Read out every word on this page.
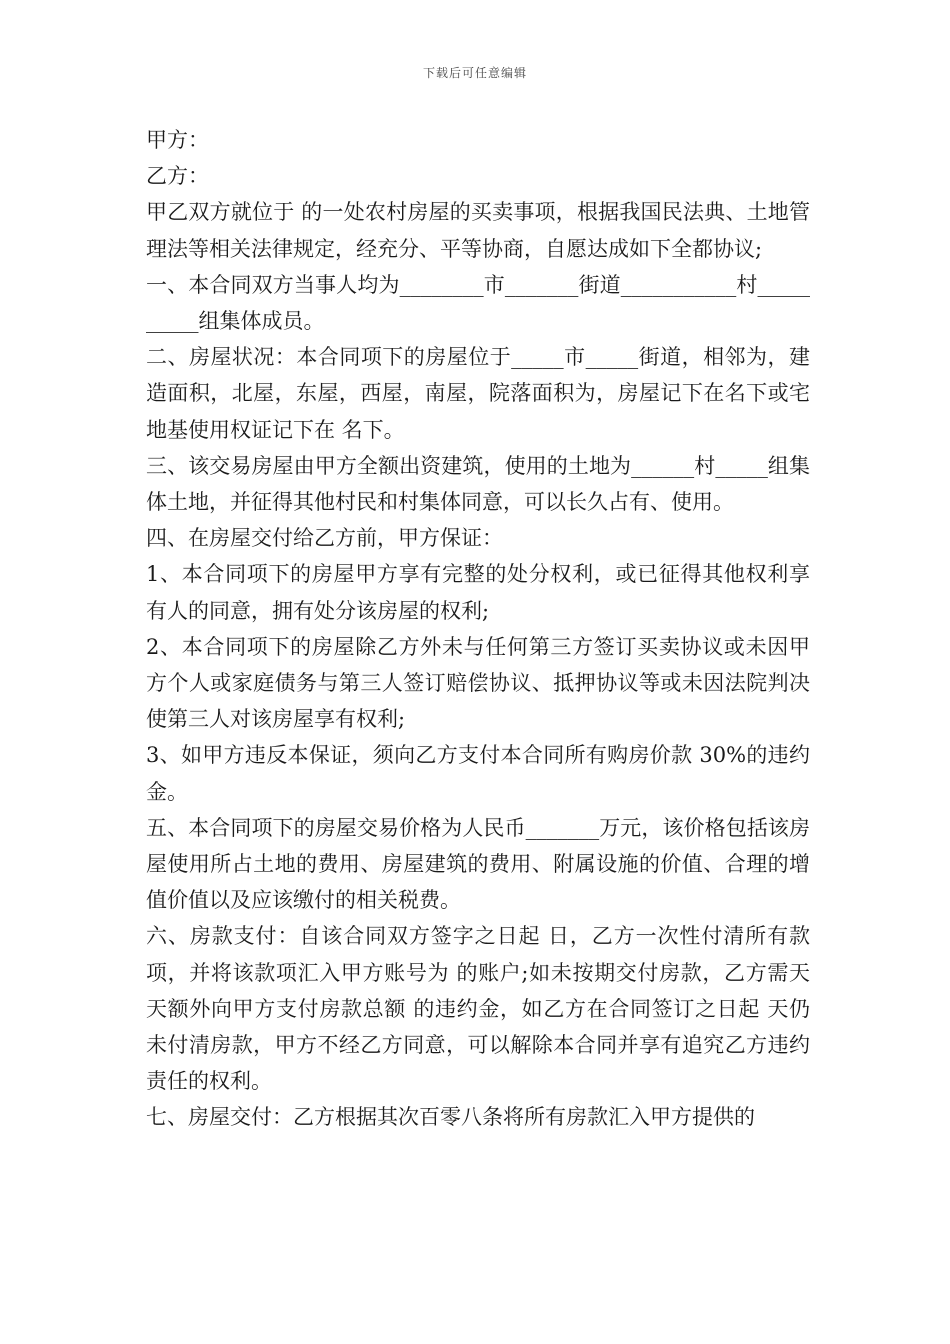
下载后可任意编辑

甲方：

乙方：

甲乙双方就位于 的一处农村房屋的买卖事项，根据我国民法典、土地管理法等相关法律规定，经充分、平等协商，自愿达成如下全都协议;

一、本合同双方当事人均为________市_______街道___________村__________组集体成员。

二、房屋状况：本合同项下的房屋位于_____市_____街道，相邻为，建造面积，北屋，东屋，西屋，南屋，院落面积为，房屋记下在名下或宅地基使用权证记下在 名下。

三、该交易房屋由甲方全额出资建筑，使用的土地为______村_____组集体土地，并征得其他村民和村集体同意，可以长久占有、使用。

四、在房屋交付给乙方前，甲方保证：

1、本合同项下的房屋甲方享有完整的处分权利，或已征得其他权利享有人的同意，拥有处分该房屋的权利;

2、本合同项下的房屋除乙方外未与任何第三方签订买卖协议或未因甲方个人或家庭债务与第三人签订赔偿协议、抵押协议等或未因法院判决使第三人对该房屋享有权利;

3、如甲方违反本保证，须向乙方支付本合同所有购房价款 30%的违约金。

五、本合同项下的房屋交易价格为人民币_______万元，该价格包括该房屋使用所占土地的费用、房屋建筑的费用、附属设施的价值、合理的增值价值以及应该缴付的相关税费。

六、房款支付：自该合同双方签字之日起 日，乙方一次性付清所有款项，并将该款项汇入甲方账号为 的账户;如未按期交付房款，乙方需天天额外向甲方支付房款总额 的违约金，如乙方在合同签订之日起 天仍未付清房款，甲方不经乙方同意，可以解除本合同并享有追究乙方违约责任的权利。

七、房屋交付：乙方根据其次百零八条将所有房款汇入甲方提供的
